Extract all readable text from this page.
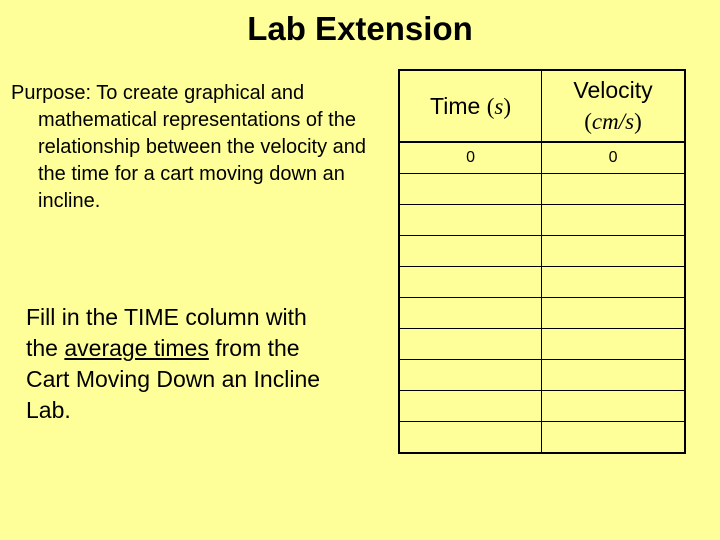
Lab Extension
Purpose: To create graphical and mathematical representations of the relationship between the velocity and the time for a cart moving down an incline.
Fill in the TIME column with the average times from the Cart Moving Down an Incline Lab.
Time (s)	Velocity
(cm/s)
0	0
